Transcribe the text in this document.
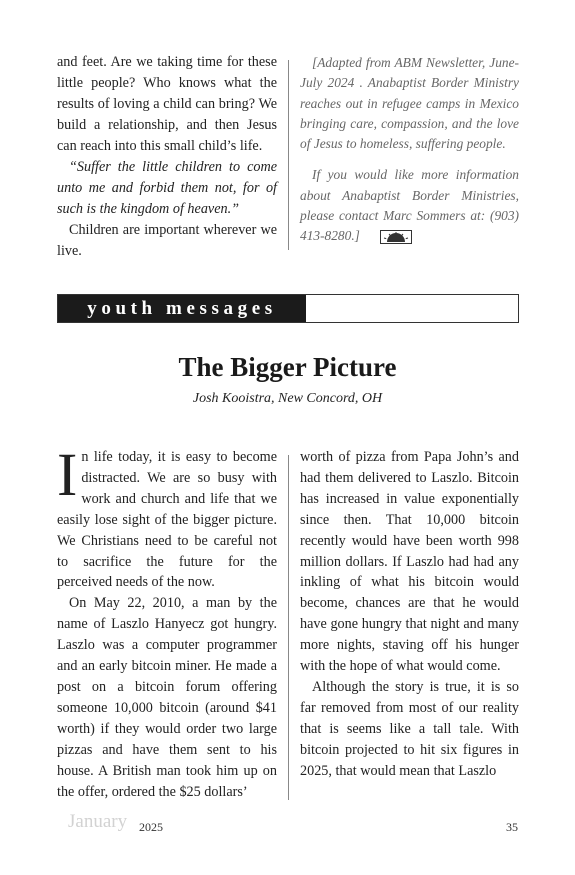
and feet. Are we taking time for these little people? Who knows what the results of loving a child can bring? We build a relationship, and then Jesus can reach into this small child’s life.

“Suffer the little children to come unto me and forbid them not, for of such is the kingdom of heaven.”

Children are important wherever we live.

[Adapted from ABM Newsletter, June-July 2024 . Anabaptist Border Ministry reaches out in refugee camps in Mexico bringing care, compassion, and the love of Jesus to homeless, suffering people.

If you would like more information about Anabaptist Border Ministries, please contact Marc Sommers at: (903) 413-8280.]

youth messages
The Bigger Picture
Josh Kooistra, New Concord, OH

In life today, it is easy to become distracted. We are so busy with work and church and life that we easily lose sight of the bigger picture. We Christians need to be careful not to sacrifice the future for the perceived needs of the now.

On May 22, 2010, a man by the name of Laszlo Hanyecz got hungry. Laszlo was a computer programmer and an early bitcoin miner. He made a post on a bitcoin forum offering someone 10,000 bitcoin (around $41 worth) if they would order two large pizzas and have them sent to his house. A British man took him up on the offer, ordered the $25 dollars’

worth of pizza from Papa John’s and had them delivered to Laszlo. Bitcoin has increased in value exponentially since then. That 10,000 bitcoin recently would have been worth 998 million dollars. If Laszlo had had any inkling of what his bitcoin would become, chances are that he would have gone hungry that night and many more nights, staving off his hunger with the hope of what would come.

Although the story is true, it is so far removed from most of our reality that is seems like a tall tale. With bitcoin projected to hit six figures in 2025, that would mean that Laszlo

January 2025	35
